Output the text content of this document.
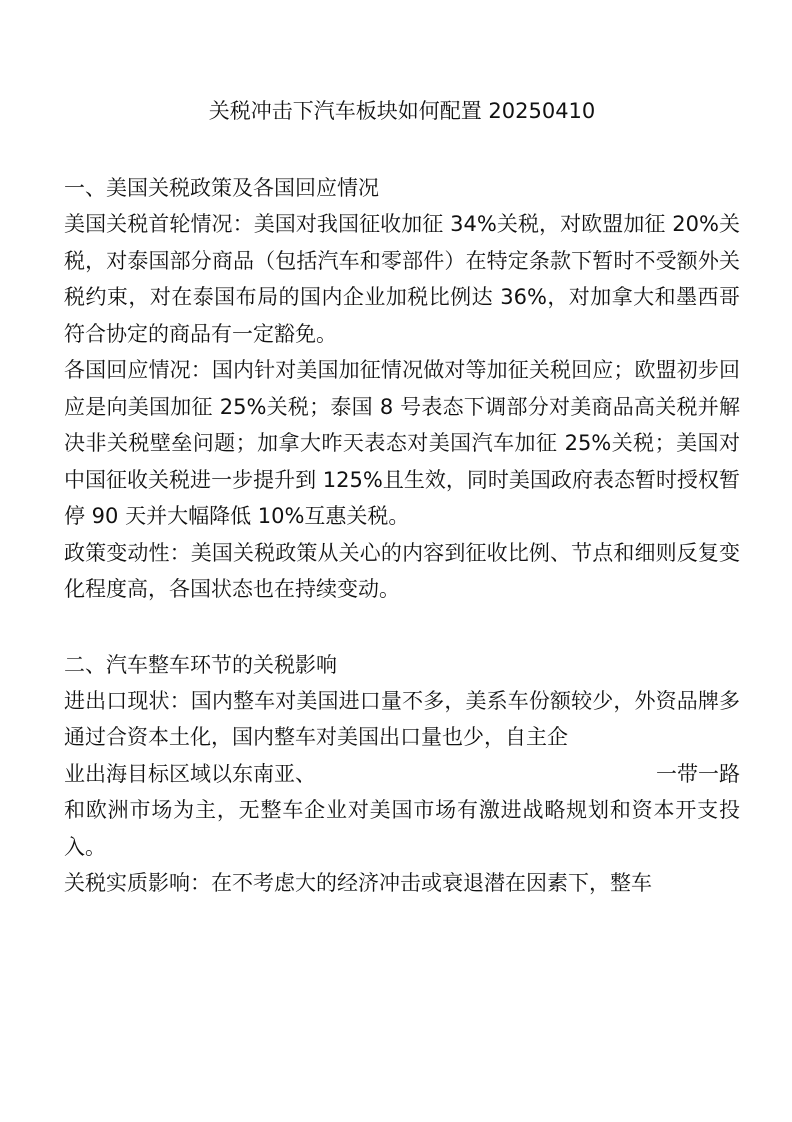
关税冲击下汽车板块如何配置 20250410
一、美国关税政策及各国回应情况

美国关税首轮情况：美国对我国征收加征 34%关税，对欧盟加征 20%关税，对泰国部分商品（包括汽车和零部件）在特定条款下暂时不受额外关税约束，对在泰国布局的国内企业加税比例达 36%，对加拿大和墨西哥符合协定的商品有一定豁免。

各国回应情况：国内针对美国加征情况做对等加征关税回应；欧盟初步回应是向美国加征 25%关税；泰国 8 号表态下调部分对美商品高关税并解决非关税壁垒问题；加拿大昨天表态对美国汽车加征 25%关税；美国对中国征收关税进一步提升到 125%且生效，同时美国政府表态暂时授权暂停 90 天并大幅降低 10%互惠关税。

政策变动性：美国关税政策从关心的内容到征收比例、节点和细则反复变化程度高，各国状态也在持续变动。

二、汽车整车环节的关税影响

进出口现状：国内整车对美国进口量不多，美系车份额较少，外资品牌多通过合资本土化，国内整车对美国出口量也少，自主企

业出海目标区域以东南亚、	一带一路

和欧洲市场为主，无整车企业对美国市场有激进战略规划和资本开支投入。

关税实质影响：在不考虑大的经济冲击或衰退潜在因素下，整车
